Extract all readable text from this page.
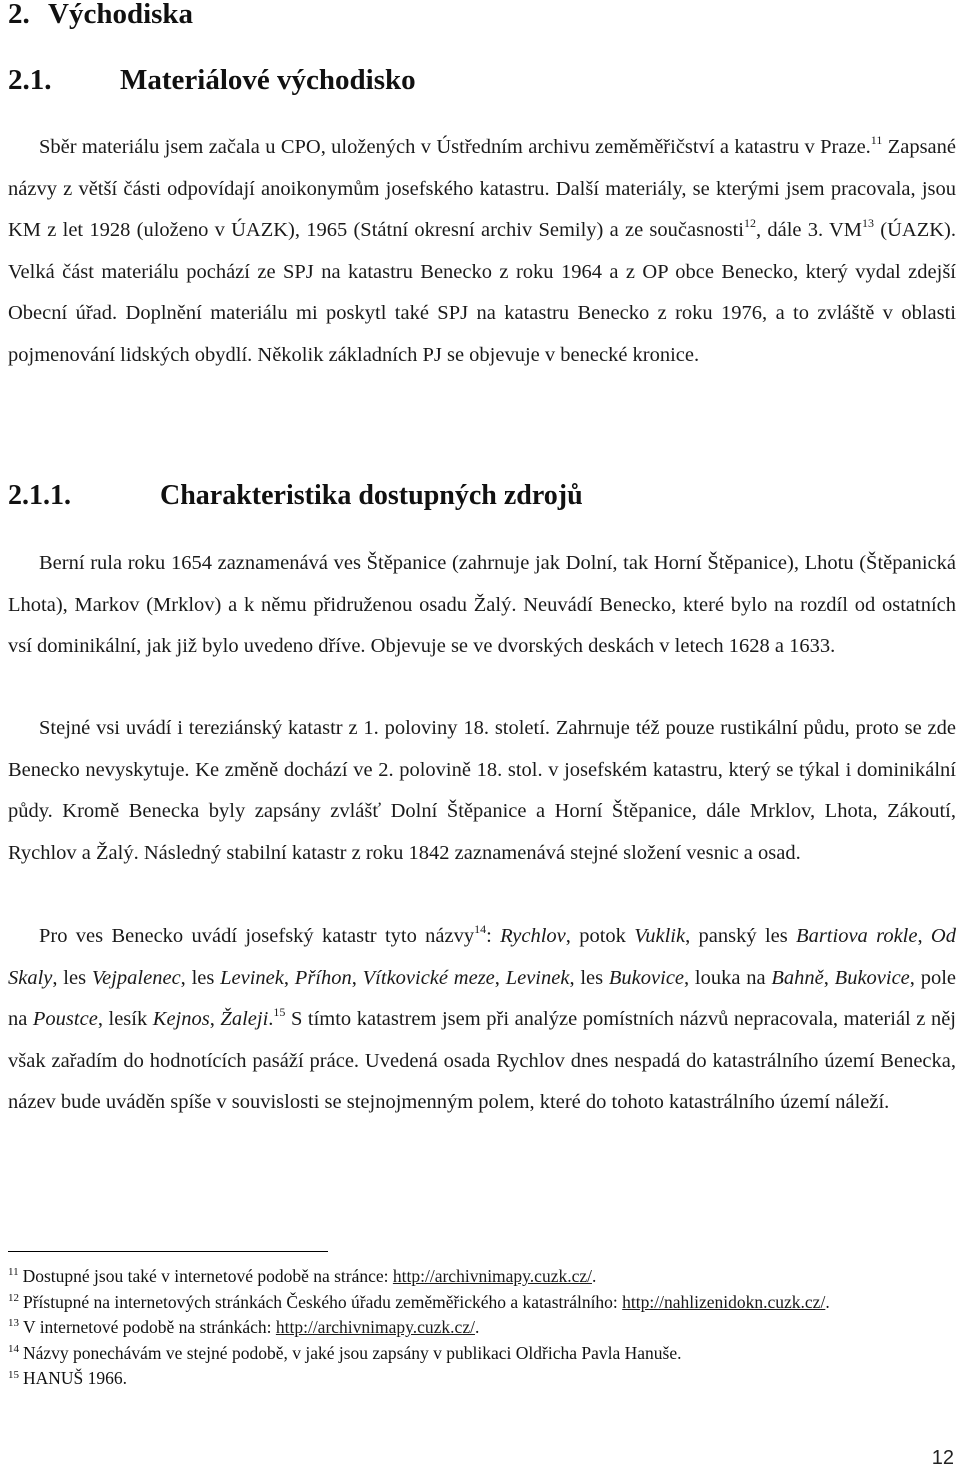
2. Východiska
2.1. Materiálové východisko

Sběr materiálu jsem začala u CPO, uložených v Ústředním archivu zeměměřičství a katastru v Praze.$^{11}$ Zapsané názvy z větší části odpovídají anoikonymům josefského katastru. Další materiály, se kterými jsem pracovala, jsou KM z let 1928 (uloženo v ÚAZK), 1965 (Státní okresní archiv Semily) a ze současnosti$^{12}$, dále 3. VM$^{13}$ (ÚAZK). Velká část materiálu pochází ze SPJ na katastru Benecko z roku 1964 a z OP obce Benecko, který vydal zdejší Obecní úřad. Doplnění materiálu mi poskytl také SPJ na katastru Benecko z roku 1976, a to zvláště v oblasti pojmenování lidských obydlí. Několik základních PJ se objevuje v benecké kronice.

2.1.1.	Charakteristika dostupných zdrojů

Berní rula roku 1654 zaznamenává ves Štěpanice (zahrnuje jak Dolní, tak Horní Štěpanice), Lhotu (Štěpanická Lhota), Markov (Mrklov) a k němu přidruženou osadu Žalý. Neuvádí Benecko, které bylo na rozdíl od ostatních vsí dominikální, jak již bylo uvedeno dříve. Objevuje se ve dvorských deskách v letech 1628 a 1633.

Stejné vsi uvádí i tereziánský katastr z 1. poloviny 18. století. Zahrnuje též pouze rustikální půdu, proto se zde Benecko nevyskytuje. Ke změně dochází ve 2. polovině 18. stol. v josefském katastru, který se týkal i dominikální půdy. Kromě Benecka byly zapsány zvlášť Dolní Štěpanice a Horní Štěpanice, dále Mrklov, Lhota, Zákoutí, Rychlov a Žalý. Následný stabilní katastr z roku 1842 zaznamenává stejné složení vesnic a osad.

Pro ves Benecko uvádí josefský katastr tyto názvy$^{14}$: Rychlov, potok Vuklik, panský les Bartiova rokle, Od Skaly, les Vejpalenec, les Levinek, Příhon, Vítkovické meze, Levinek, les Bukovice, louka na Bahně, Bukovice, pole na Poustce, lesík Kejnos, Žaleji.$^{15}$ S tímto katastrem jsem při analýze pomístních názvů nepracovala, materiál z něj však zařadím do hodnotících pasáží práce. Uvedená osada Rychlov dnes nespadá do katastrálního území Benecka, název bude uváděn spíše v souvislosti se stejnojmenným polem, které do tohoto katastrálního území náleží.

$^{11}$ Dostupné jsou také v internetové podobě na stránce: http://archivnimapy.cuzk.cz/.

$^{12}$ Přístupné na internetových stránkách Českého úřadu zeměměřického a katastrálního: http://nahlizenidokn.cuzk.cz/.

$^{13}$ V internetové podobě na stránkách: http://archivnimapy.cuzk.cz/.

$^{14}$ Názvy ponechávám ve stejné podobě, v jaké jsou zapsány v publikaci Oldřicha Pavla Hanuše.

$^{15}$ HANUŠ 1966.

12
